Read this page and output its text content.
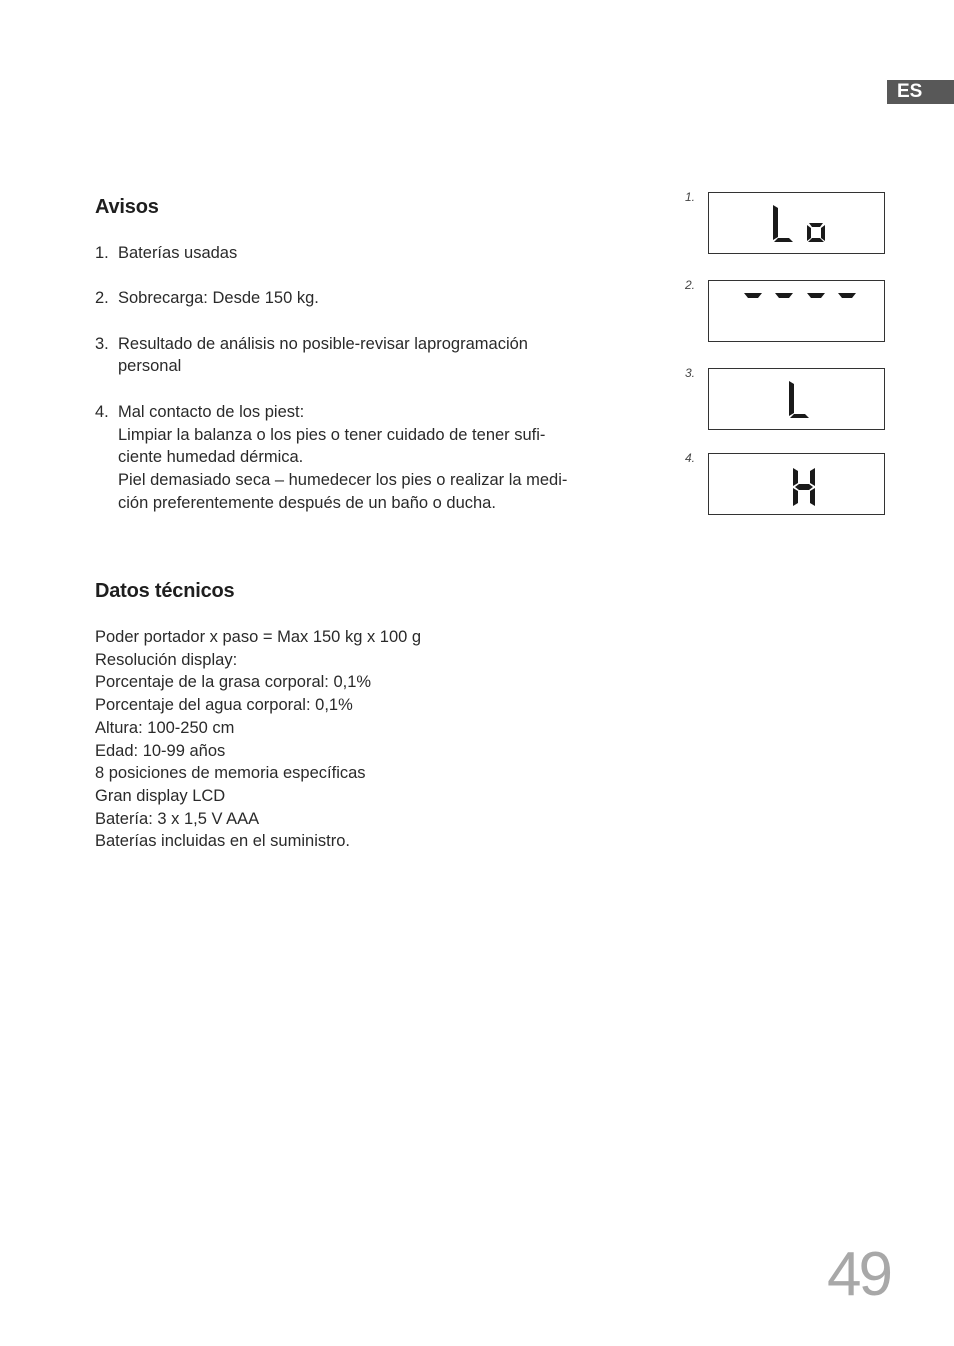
ES
Avisos
1. Baterías usadas
2. Sobrecarga: Desde 150 kg.
3. Resultado de análisis no posible-revisar laprogramación
personal
4. Mal contacto de los piest:
Limpiar la balanza o los pies o tener cuidado de tener sufi-
ciente humedad dérmica.
Piel demasiado seca – humedecer los pies o realizar la medi-
ción preferentemente después de un baño o ducha.
Datos técnicos
Poder portador x paso = Max 150 kg x 100 g
Resolución display:
Porcentaje de la grasa corporal: 0,1%
Porcentaje del agua corporal: 0,1%
Altura: 100-250 cm
Edad: 10-99 años
8 posiciones de memoria específicas
Gran display LCD
Batería: 3 x 1,5 V AAA
Baterías incluidas en el suministro.
1.
2.
3.
4.
49
